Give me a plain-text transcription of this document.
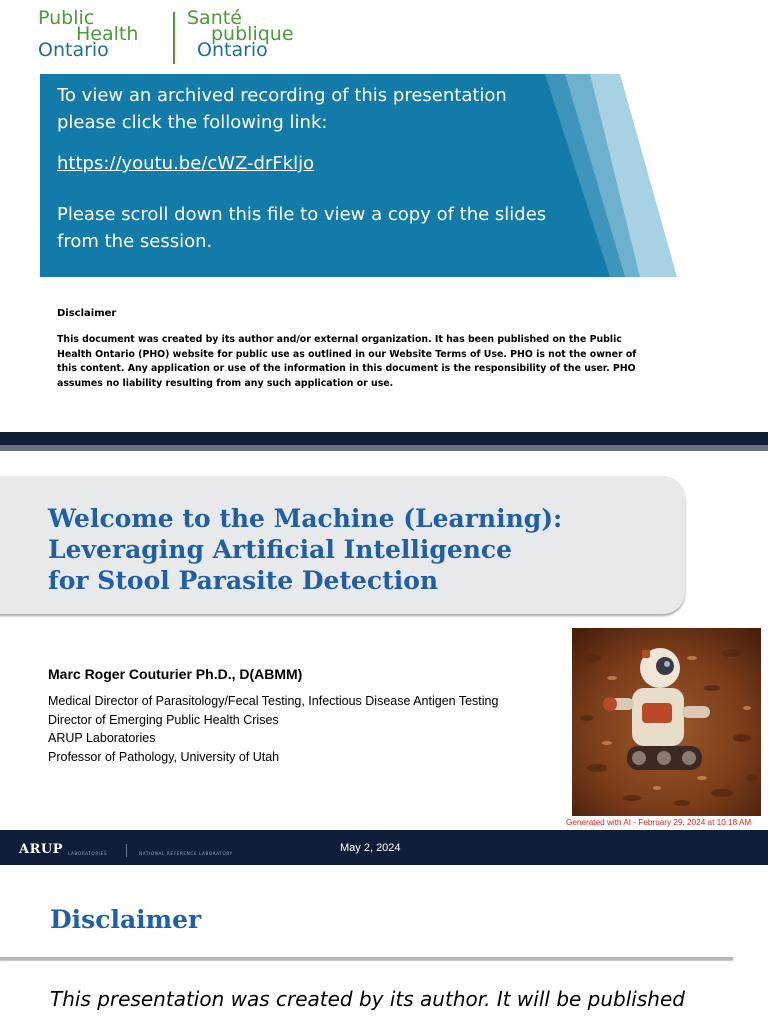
Public
Health
Ontario
Santé
publique
Ontario

To view an archived recording of this presentation please click the following link:

https://youtu.be/cWZ-drFkljo

Please scroll down this file to view a copy of the slides from the session.

Disclaimer
This document was created by its author and/or external organization. It has been published on the Public Health Ontario (PHO) website for public use as outlined in our Website Terms of Use. PHO is not the owner of this content. Any application or use of the information in this document is the responsibility of the user. PHO assumes no liability resulting from any such application or use.
Welcome to the Machine (Learning):
Leveraging Artificial Intelligence
for Stool Parasite Detection
Marc Roger Couturier Ph.D., D(ABMM)
Medical Director of Parasitology/Fecal Testing, Infectious Disease Antigen Testing
Director of Emerging Public Health Crises
ARUP Laboratories
Professor of Pathology, University of Utah
Generated with AI - February 29, 2024 at 10:18 AM
ARUP LABORATORIES	NATIONAL REFERENCE LABORATORY	May 2, 2024
Disclaimer
This presentation was created by its author. It will be published
